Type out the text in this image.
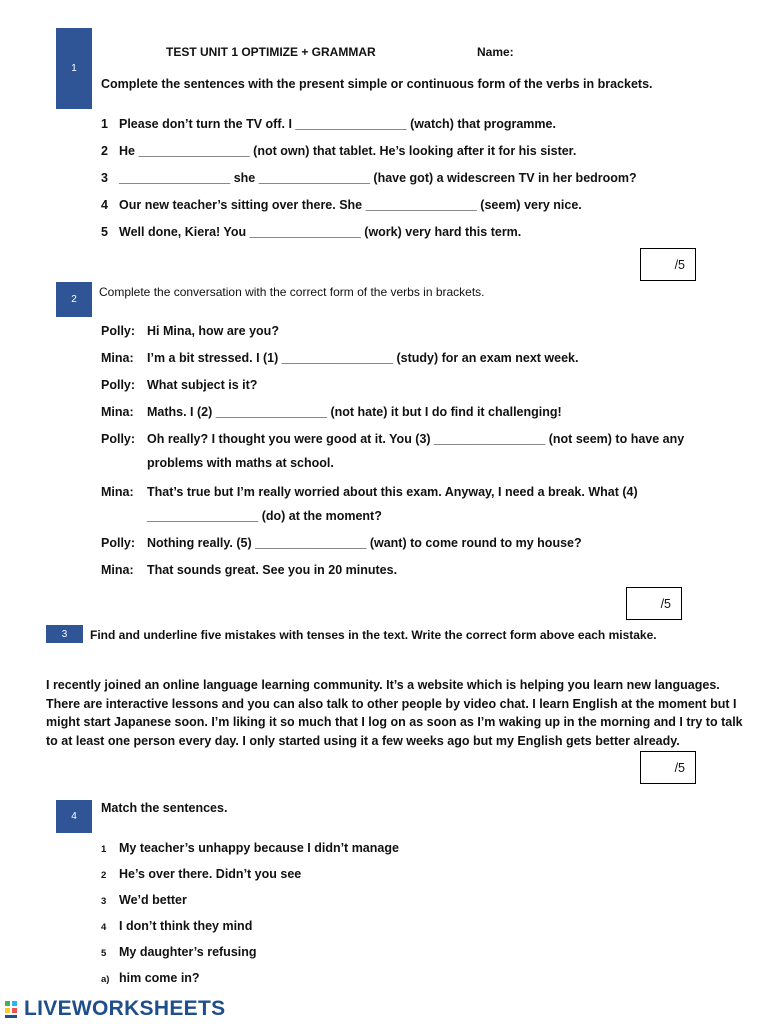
1
TEST UNIT 1 OPTIMIZE + GRAMMAR	Name:
Complete the sentences with the present simple or continuous form of the verbs in brackets.
1 Please don’t turn the TV off. I ________________ (watch) that programme.
2 He ________________ (not own) that tablet. He’s looking after it for his sister.
3 ________________ she ________________ (have got) a widescreen TV in her bedroom?
4 Our new teacher’s sitting over there. She ________________ (seem) very nice.
5 Well done, Kiera! You ________________ (work) very hard this term.
/5
2
Complete the conversation with the correct form of the verbs in brackets.
Polly: Hi Mina, how are you?
Mina: I’m a bit stressed. I (1) ________________ (study) for an exam next week.
Polly: What subject is it?
Mina: Maths. I (2) ________________ (not hate) it but I do find it challenging!
Polly: Oh really? I thought you were good at it. You (3) ________________ (not seem) to have any
problems with maths at school.
Mina: That’s true but I’m really worried about this exam. Anyway, I need a break. What (4)
________________ (do) at the moment?
Polly: Nothing really. (5) ________________ (want) to come round to my house?
Mina: That sounds great. See you in 20 minutes.
/5
3 Find and underline five mistakes with tenses in the text. Write the correct form above each mistake.
I recently joined an online language learning community. It’s a website which is helping you learn new languages.
There are interactive lessons and you can also talk to other people by video chat. I learn English at the moment but I
might start Japanese soon. I’m liking it so much that I log on as soon as I’m waking up in the morning and I try to talk
to at least one person every day. I only started using it a few weeks ago but my English gets better already.
/5
4
Match the sentences.
1 My teacher’s unhappy because I didn’t manage
2 He’s over there. Didn’t you see
3 We’d better
4 I don’t think they mind
5 My daughter’s refusing
a) him come in?
LIVEWORKSHEETS
